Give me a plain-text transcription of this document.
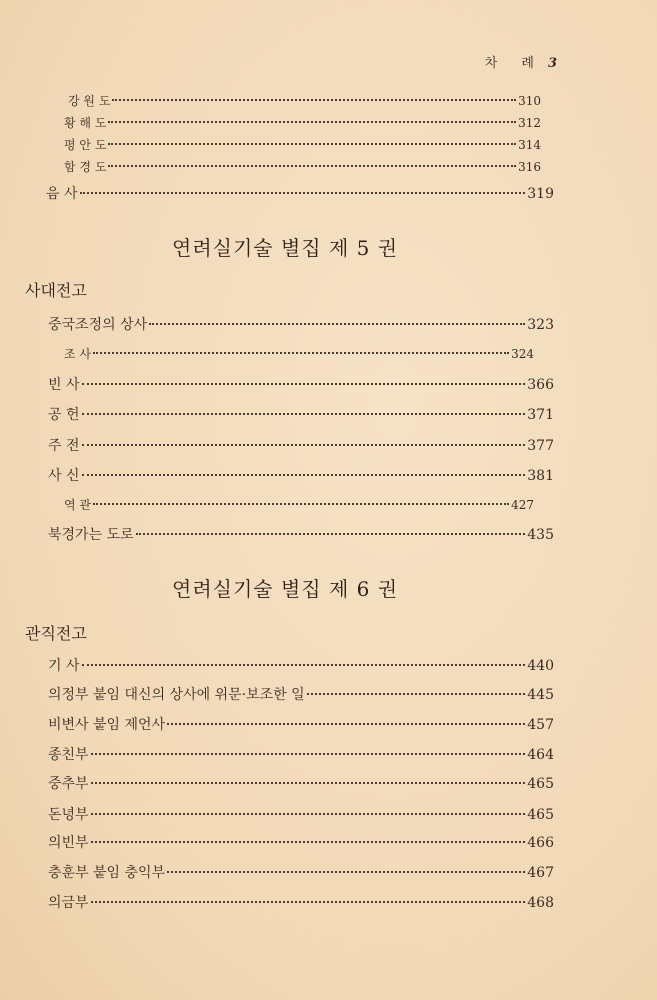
차 례 3
강 원 도	310
황 해 도	312
평 안 도	314
함 경 도	316
음 사	319
연려실기술 별집 제 5 권
사대전고
중국조정의 상사	323
조 사	324
빈 사	366
공 헌	371
주 전	377
사 신	381
역 관	427
북경가는 도로	435
연려실기술 별집 제 6 권
관직전고
기 사	440
의정부 붙임 대신의 상사에 위문·보조한 일	445
비변사 붙임 제언사	457
종친부	464
중추부	465
돈녕부	465
의빈부	466
충훈부 붙임 충익부	467
의금부	468
